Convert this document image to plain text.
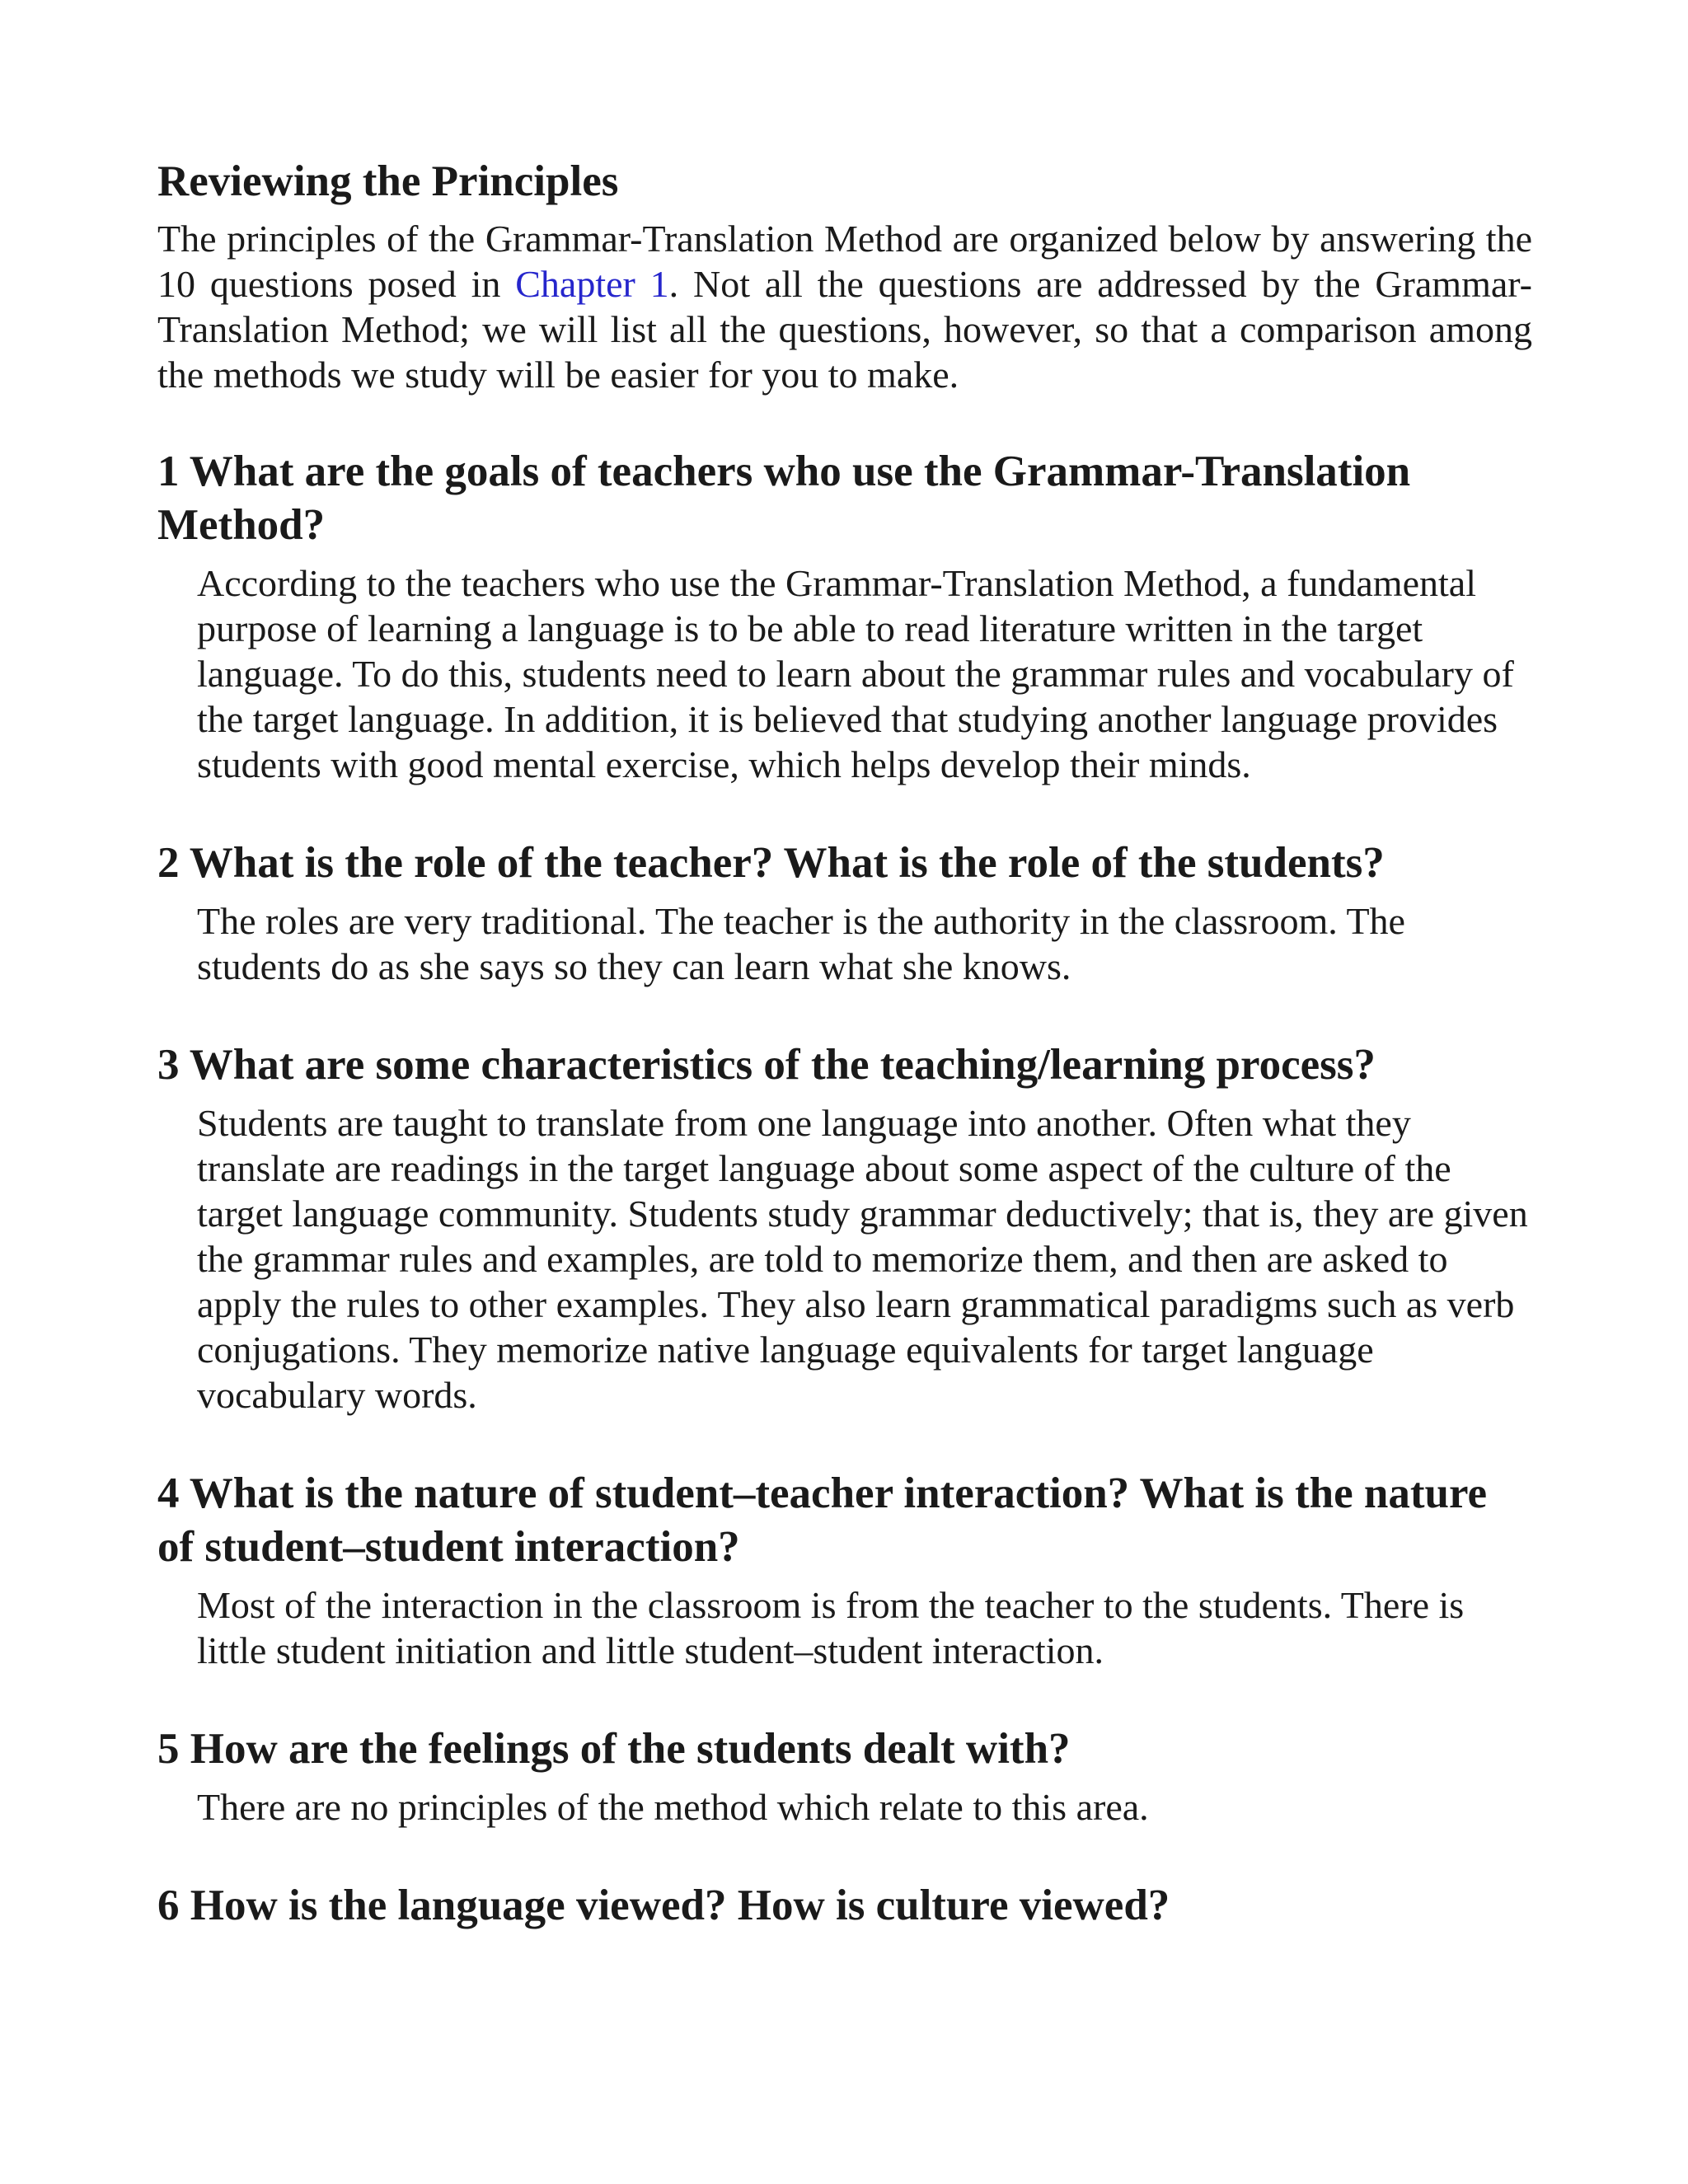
Reviewing the Principles

The principles of the Grammar-Translation Method are organized below by answering the 10 questions posed in Chapter 1. Not all the questions are addressed by the Grammar-Translation Method; we will list all the questions, however, so that a comparison among the methods we study will be easier for you to make.

1 What are the goals of teachers who use the Grammar-Translation Method?

According to the teachers who use the Grammar-Translation Method, a fundamental purpose of learning a language is to be able to read literature written in the target language. To do this, students need to learn about the grammar rules and vocabulary of the target language. In addition, it is believed that studying another language provides students with good mental exercise, which helps develop their minds.

2 What is the role of the teacher? What is the role of the students?

The roles are very traditional. The teacher is the authority in the classroom. The students do as she says so they can learn what she knows.

3 What are some characteristics of the teaching/learning process?

Students are taught to translate from one language into another. Often what they translate are readings in the target language about some aspect of the culture of the target language community. Students study grammar deductively; that is, they are given the grammar rules and examples, are told to memorize them, and then are asked to apply the rules to other examples. They also learn grammatical paradigms such as verb conjugations. They memorize native language equivalents for target language vocabulary words.

4 What is the nature of student–teacher interaction? What is the nature of student–student interaction?

Most of the interaction in the classroom is from the teacher to the students. There is little student initiation and little student–student interaction.

5 How are the feelings of the students dealt with?

There are no principles of the method which relate to this area.

6 How is the language viewed? How is culture viewed?
